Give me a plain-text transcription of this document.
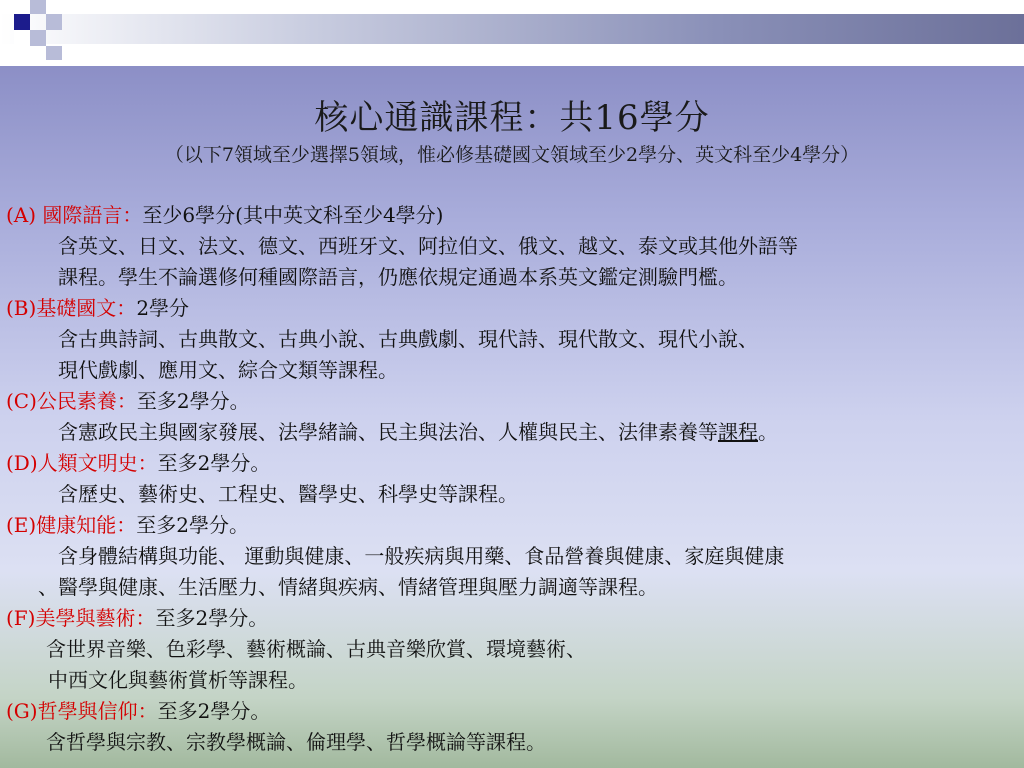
核心通識課程：共16學分
（以下7領域至少選擇5領域，惟必修基礎國文領域至少2學分、英文科至少4學分）
(A) 國際語言：至少6學分(其中英文科至少4學分)
含英文、日文、法文、德文、西班牙文、阿拉伯文、俄文、越文、泰文或其他外語等
課程。學生不論選修何種國際語言，仍應依規定通過本系英文鑑定測驗門檻。
(B)基礎國文：2學分
含古典詩詞、古典散文、古典小說、古典戲劇、現代詩、現代散文、現代小說、
現代戲劇、應用文、綜合文類等課程。
(C)公民素養：至多2學分。
含憲政民主與國家發展、法學緒論、民主與法治、人權與民主、法律素養等課程。
(D)人類文明史：至多2學分。
含歷史、藝術史、工程史、醫學史、科學史等課程。
(E)健康知能：至多2學分。
含身體結構與功能、 運動與健康、一般疾病與用藥、食品營養與健康、家庭與健康
、醫學與健康、生活壓力、情緒與疾病、情緒管理與壓力調適等課程。
(F)美學與藝術：至多2學分。
含世界音樂、色彩學、藝術概論、古典音樂欣賞、環境藝術、
中西文化與藝術賞析等課程。
(G)哲學與信仰：至多2學分。
含哲學與宗教、宗教學概論、倫理學、哲學概論等課程。
